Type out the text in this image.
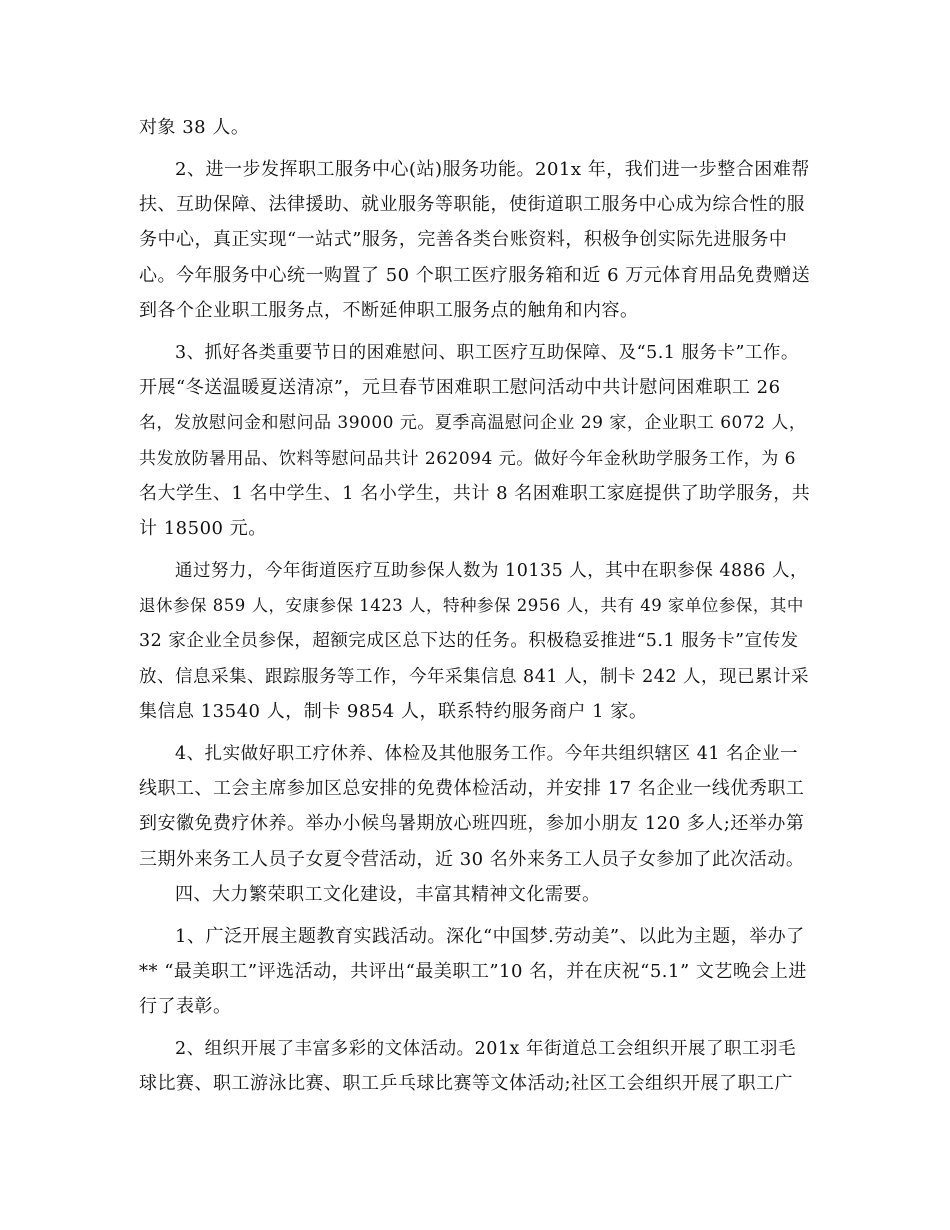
对象 38 人。

2、进一步发挥职工服务中心(站)服务功能。201x 年，我们进一步整合困难帮

扶、互助保障、法律援助、就业服务等职能，使街道职工服务中心成为综合性的服

务中心，真正实现“一站式”服务，完善各类台账资料，积极争创实际先进服务中

心。今年服务中心统一购置了 50 个职工医疗服务箱和近 6 万元体育用品免费赠送

到各个企业职工服务点，不断延伸职工服务点的触角和内容。

3、抓好各类重要节日的困难慰问、职工医疗互助保障、及“5.1 服务卡”工作。

开展“冬送温暖夏送清凉”，元旦春节困难职工慰问活动中共计慰问困难职工 26

名，发放慰问金和慰问品 39000 元。夏季高温慰问企业 29 家，企业职工 6072 人，

共发放防暑用品、饮料等慰问品共计 262094 元。做好今年金秋助学服务工作，为 6

名大学生、1 名中学生、1 名小学生，共计 8 名困难职工家庭提供了助学服务，共

计 18500 元。

通过努力，今年街道医疗互助参保人数为 10135 人，其中在职参保 4886 人，

退休参保 859 人，安康参保 1423 人，特种参保 2956 人，共有 49 家单位参保，其中

32 家企业全员参保，超额完成区总下达的任务。积极稳妥推进“5.1 服务卡”宣传发

放、信息采集、跟踪服务等工作，今年采集信息 841 人，制卡 242 人，现已累计采

集信息 13540 人，制卡 9854 人，联系特约服务商户 1 家。

4、扎实做好职工疗休养、体检及其他服务工作。今年共组织辖区 41 名企业一

线职工、工会主席参加区总安排的免费体检活动，并安排 17 名企业一线优秀职工

到安徽免费疗休养。举办小候鸟暑期放心班四班，参加小朋友 120 多人;还举办第

三期外来务工人员子女夏令营活动，近 30 名外来务工人员子女参加了此次活动。

四、大力繁荣职工文化建设，丰富其精神文化需要。

1、广泛开展主题教育实践活动。深化“中国梦.劳动美”、以此为主题，举办了

** “最美职工”评选活动，共评出“最美职工”10 名，并在庆祝“5.1” 文艺晚会上进

行了表彰。

2、组织开展了丰富多彩的文体活动。201x 年街道总工会组织开展了职工羽毛

球比赛、职工游泳比赛、职工乒乓球比赛等文体活动;社区工会组织开展了职工广
